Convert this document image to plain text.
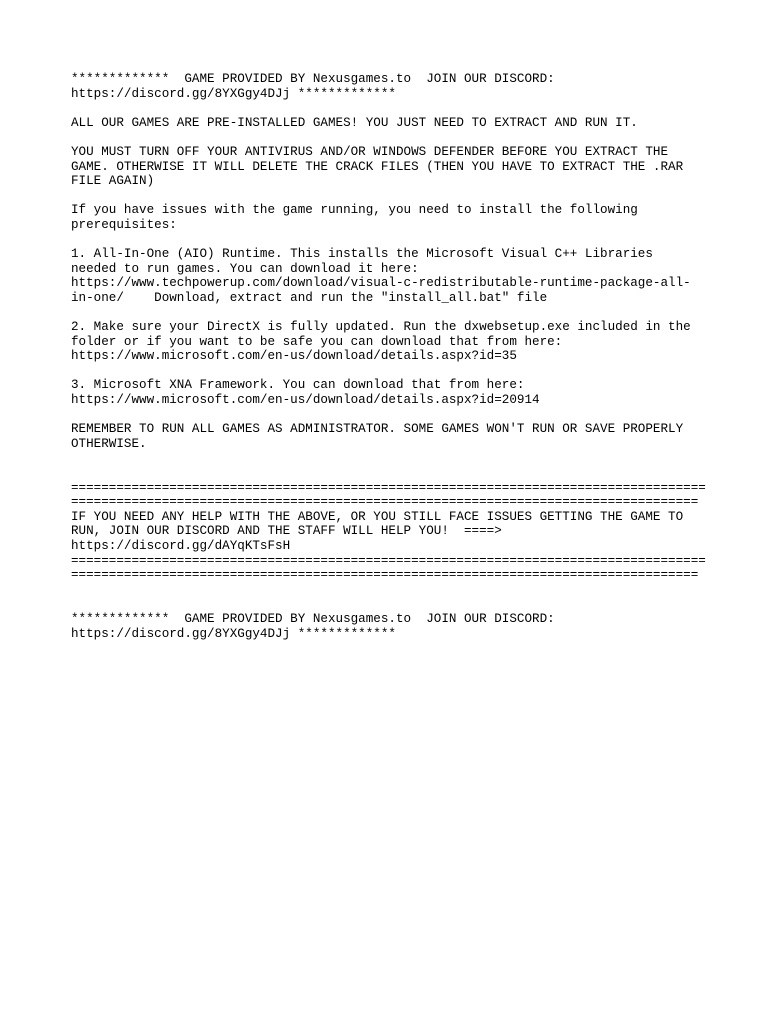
*************  GAME PROVIDED BY Nexusgames.to  JOIN OUR DISCORD:
https://discord.gg/8YXGgy4DJj *************
ALL OUR GAMES ARE PRE-INSTALLED GAMES! YOU JUST NEED TO EXTRACT AND RUN IT.
YOU MUST TURN OFF YOUR ANTIVIRUS AND/OR WINDOWS DEFENDER BEFORE YOU EXTRACT THE
GAME. OTHERWISE IT WILL DELETE THE CRACK FILES (THEN YOU HAVE TO EXTRACT THE .RAR
FILE AGAIN)
If you have issues with the game running, you need to install the following
prerequisites:
1. All-In-One (AIO) Runtime. This installs the Microsoft Visual C++ Libraries
needed to run games. You can download it here:
https://www.techpowerup.com/download/visual-c-redistributable-runtime-package-all-
in-one/    Download, extract and run the "install_all.bat" file
2. Make sure your DirectX is fully updated. Run the dxwebsetup.exe included in the
folder or if you want to be safe you can download that from here:
https://www.microsoft.com/en-us/download/details.aspx?id=35
3. Microsoft XNA Framework. You can download that from here:
https://www.microsoft.com/en-us/download/details.aspx?id=20914
REMEMBER TO RUN ALL GAMES AS ADMINISTRATOR. SOME GAMES WON'T RUN OR SAVE PROPERLY
OTHERWISE.
====================================================================================
===================================================================================
IF YOU NEED ANY HELP WITH THE ABOVE, OR YOU STILL FACE ISSUES GETTING THE GAME TO
RUN, JOIN OUR DISCORD AND THE STAFF WILL HELP YOU!  ====>
https://discord.gg/dAYqKTsFsH
====================================================================================
===================================================================================
*************  GAME PROVIDED BY Nexusgames.to  JOIN OUR DISCORD:
https://discord.gg/8YXGgy4DJj *************
